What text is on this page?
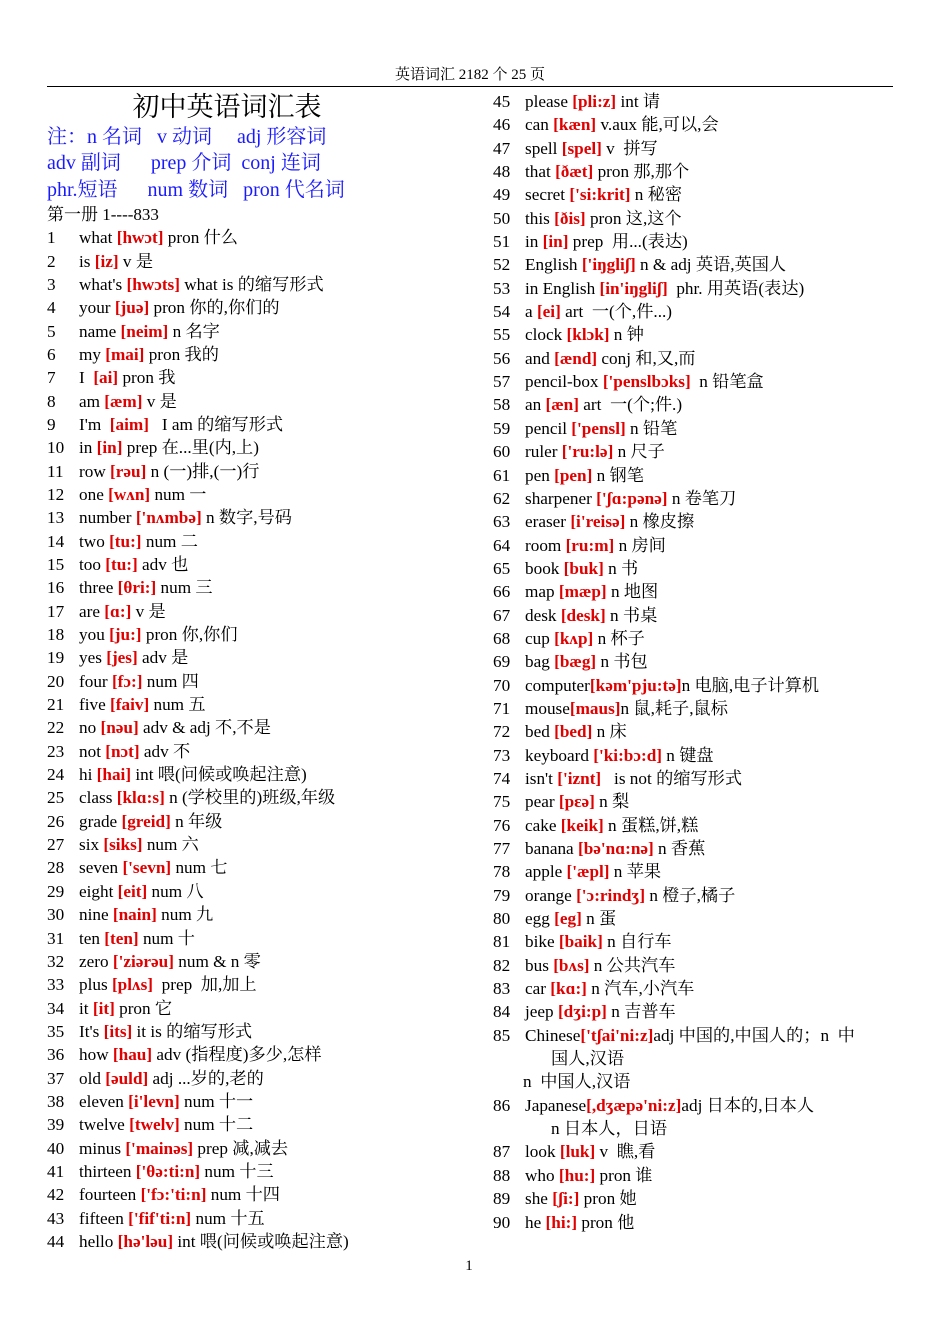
英语词汇 2182 个 25 页
初中英语词汇表
注：n 名词   v 动词     adj 形容词
adv 副词      prep 介词  conj 连词
phr.短语      num 数词   pron 代名词
第一册 1----833
1 what [hwɔt] pron 什么
2 is [iz] v 是
3 what's [hwɔts] what is 的缩写形式
4 your [juə] pron 你的,你们的
5 name [neim] n 名字
6 my [mai] pron 我的
7 I  [ai] pron 我
8 am [æm] v 是
9 I'm  [aim]   I am 的缩写形式
10 in [in] prep 在...里(内,上)
11 row [rəu] n (一)排,(一)行
12 one [wʌn] num 一
13 number ['nʌmbə] n 数字,号码
14 two [tu:] num 二
15 too [tu:] adv 也
16 three [θri:] num 三
17 are [ɑ:] v 是
18 you [ju:] pron 你,你们
19 yes [jes] adv 是
20 four [fɔ:] num 四
21 five [faiv] num 五
22 no [nəu] adv & adj 不,不是
23 not [nɔt] adv 不
24 hi [hai] int 喂(问候或唤起注意)
25 class [klɑ:s] n (学校里的)班级,年级
26 grade [greid] n 年级
27 six [siks] num 六
28 seven ['sevn] num 七
29 eight [eit] num 八
30 nine [nain] num 九
31 ten [ten] num 十
32 zero ['ziərəu] num & n 零
33 plus [plʌs]  prep  加,加上
34 it [it] pron 它
35 It's [its] it is 的缩写形式
36 how [hau] adv (指程度)多少,怎样
37 old [əuld] adj ...岁的,老的
38 eleven [i'levn] num 十一
39 twelve [twelv] num 十二
40 minus ['mainəs] prep 减,减去
41 thirteen ['θə:ti:n] num 十三
42 fourteen ['fɔ:'ti:n] num 十四
43 fifteen ['fif'ti:n] num 十五
44 hello [hə'ləu] int 喂(问候或唤起注意)
45 please [pli:z] int 请
46 can [kæn] v.aux 能,可以,会
47 spell [spel] v  拼写
48 that [ðæt] pron 那,那个
49 secret ['si:krit] n 秘密
50 this [ðis] pron 这,这个
51 in [in] prep  用...(表达)
52 English ['iŋgliʃ] n & adj 英语,英国人
53 in English [in'iŋgliʃ]  phr. 用英语(表达)
54 a [ei] art  一(个,件...)
55 clock [klɔk] n 钟
56 and [ænd] conj 和,又,而
57 pencil-box ['penslbɔks]  n 铅笔盒
58 an [æn] art  一(个;件.)
59 pencil ['pensl] n 铅笔
60 ruler ['ru:lə] n 尺子
61 pen [pen] n 钢笔
62 sharpener ['ʃɑ:pənə] n 卷笔刀
63 eraser [i'reisə] n 橡皮擦
64 room [ru:m] n 房间
65 book [buk] n 书
66 map [mæp] n 地图
67 desk [desk] n 书桌
68 cup [kʌp] n 杯子
69 bag [bæg] n 书包
70 computer[kəm'pju:tə]n 电脑,电子计算机
71 mouse[maus]n 鼠,耗子,鼠标
72 bed [bed] n 床
73 keyboard ['ki:bɔ:d] n 键盘
74 isn't ['iznt]   is not 的缩写形式
75 pear [pɛə] n 梨
76 cake [keik] n 蛋糕,饼,糕
77 banana [bə'nɑ:nə] n 香蕉
78 apple ['æpl] n 苹果
79 orange ['ɔ:rindʒ] n 橙子,橘子
80 egg [eg] n 蛋
81 bike [baik] n 自行车
82 bus [bʌs] n 公共汽车
83 car [kɑ:] n 汽车,小汽车
84 jeep [dʒi:p] n 吉普车
85 Chinese['tʃai'ni:z]adj 中国的,中国人的；n  中
国人,汉语
n  中国人,汉语
86 Japanese[,dʒæpə'ni:z]adj 日本的,日本人
n 日本人，日语
87 look [luk] v  瞧,看
88 who [hu:] pron 谁
89 she [ʃi:] pron 她
90 he [hi:] pron 他
1
